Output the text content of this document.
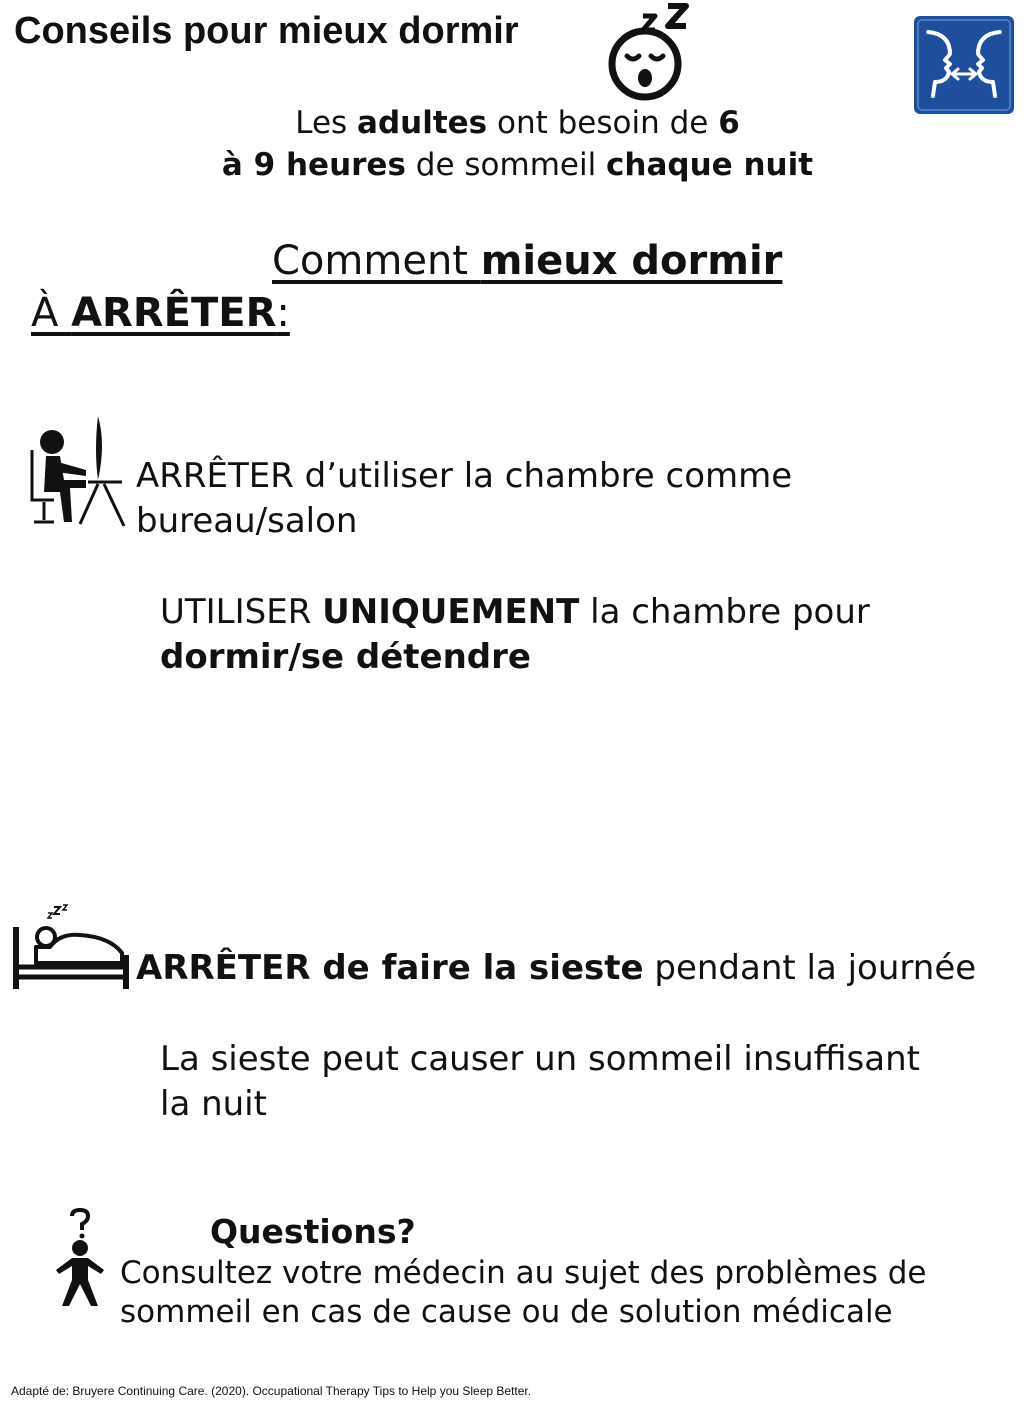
Conseils pour mieux dormir
Les adultes ont besoin de 6
à 9 heures de sommeil chaque nuit
Comment mieux dormir
À ARRÊTER:
ARRÊTER d’utiliser la chambre comme
bureau/salon
UTILISER UNIQUEMENT la chambre pour
dormir/se détendre
ARRÊTER de faire la sieste pendant la journée
La sieste peut causer un sommeil insuffisant
la nuit
Questions?
Consultez votre médecin au sujet des problèmes de
sommeil en cas de cause ou de solution médicale
Adapté de: Bruyere Continuing Care. (2020). Occupational Therapy Tips to Help you Sleep Better.
